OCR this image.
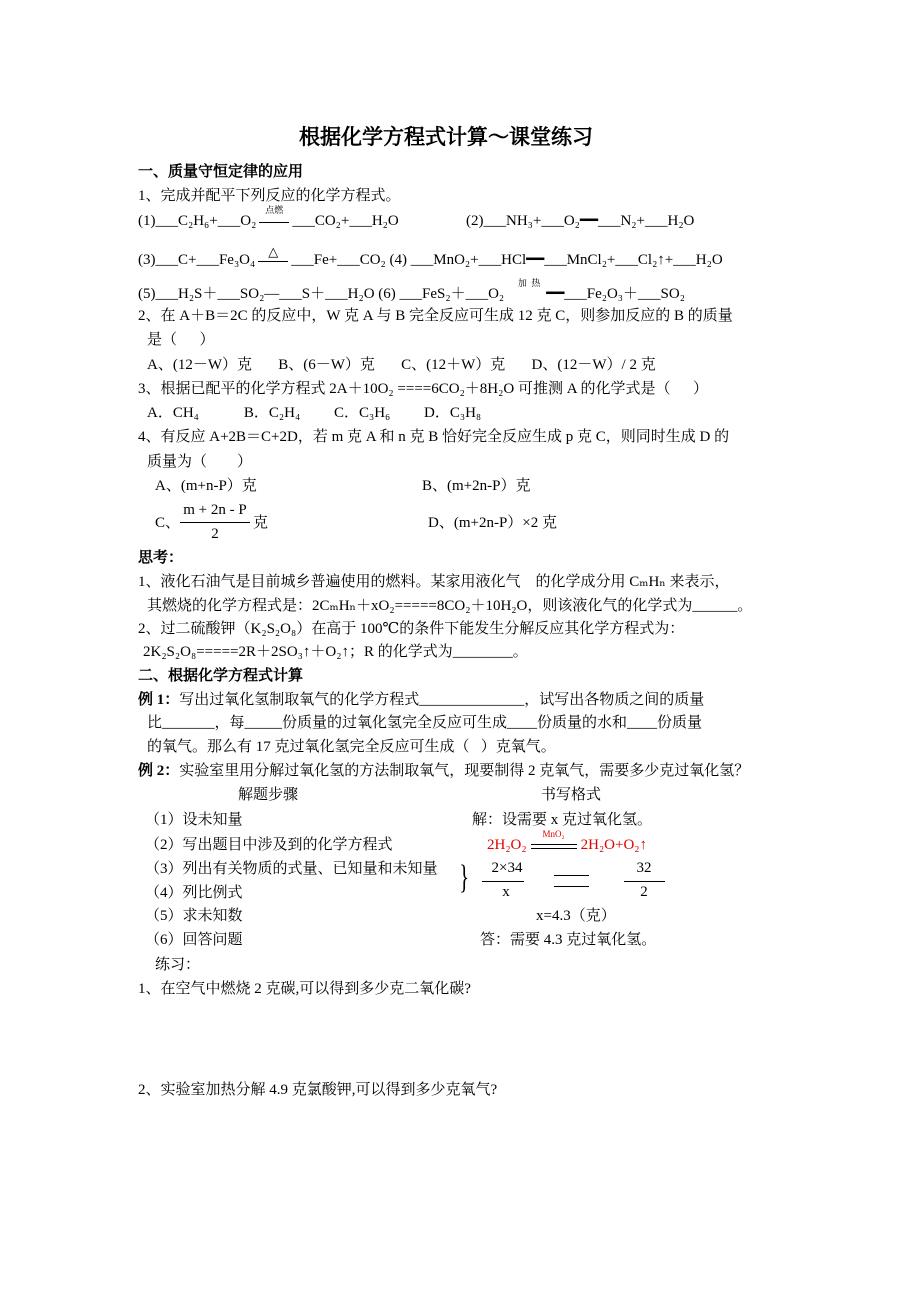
根据化学方程式计算～课堂练习
一、质量守恒定律的应用
1、完成并配平下列反应的化学方程式。
(1)___C₂H₆+___O₂
点燃
___CO₂+___H₂O	(2)___NH₃+___O₂━━___N₂+___H₂O
(3)___C+___Fe₃O₄
△
___Fe+___CO₂ (4) ___MnO₂+___HCl━━___MnCl₂+___Cl₂↑+___H₂O
(5)___H₂S＋___SO₂—___S＋___H₂O (6) ___FeS₂＋___O₂
加  热
━━___Fe₂O₃＋___SO₂
2、在 A＋B＝2C 的反应中，W 克 A 与 B 完全反应可生成 12 克 C，则参加反应的 B 的质量
是（      ）
A、(12－W）克       B、(6－W）克       C、(12＋W）克       D、(12－W）/ 2 克
3、根据已配平的化学方程式 2A＋10O₂ ====6CO₂＋8H₂O 可推测 A 的化学式是（      ）
A．CH₄            B．C₂H₄         C．C₃H₆         D．C₃H₈
4、有反应 A+2B＝C+2D，若 m 克 A 和 n 克 B 恰好完全反应生成 p 克 C，则同时生成 D 的
质量为（        ）
A、(m+n-P）克	B、(m+2n-P）克
C、
m + 2n - P
2
克	D、(m+2n-P）×2 克
思考：
1、液化石油气是目前城乡普遍使用的燃料。某家用液化气    的化学成分用 CₘHₙ 来表示，
其燃烧的化学方程式是：2CₘHₙ＋xO₂=====8CO₂＋10H₂O，则该液化气的化学式为______。
2、过二硫酸钾（K₂S₂O₈）在高于 100℃的条件下能发生分解反应其化学方程式为：
2K₂S₂O₈=====2R＋2SO₃↑＋O₂↑；R 的化学式为________。
二、根据化学方程式计算
例 1：写出过氧化氢制取氧气的化学方程式______________，试写出各物质之间的质量
比_______，每_____份质量的过氧化氢完全反应可生成____份质量的水和____份质量
的氧气。那么有 17 克过氧化氢完全反应可生成（   ）克氧气。
例 2：实验室里用分解过氧化氢的方法制取氧气，现要制得 2 克氧气，需要多少克过氧化氢？
解题步骤	书写格式
（1）设未知量
（2）写出题目中涉及到的化学方程式
（3）列出有关物质的式量、已知量和未知量
（4）列比例式
（5）求未知数
（6）回答问题
}
解：设需要 x 克过氧化氢。
2H₂O₂
MnO₂
2H₂O+O₂↑
2×34
x
32
2
x=4.3（克）
答：需要 4.3 克过氧化氢。
练习：
1、在空气中燃烧 2 克碳,可以得到多少克二氧化碳?
2、实验室加热分解 4.9 克氯酸钾,可以得到多少克氧气?
